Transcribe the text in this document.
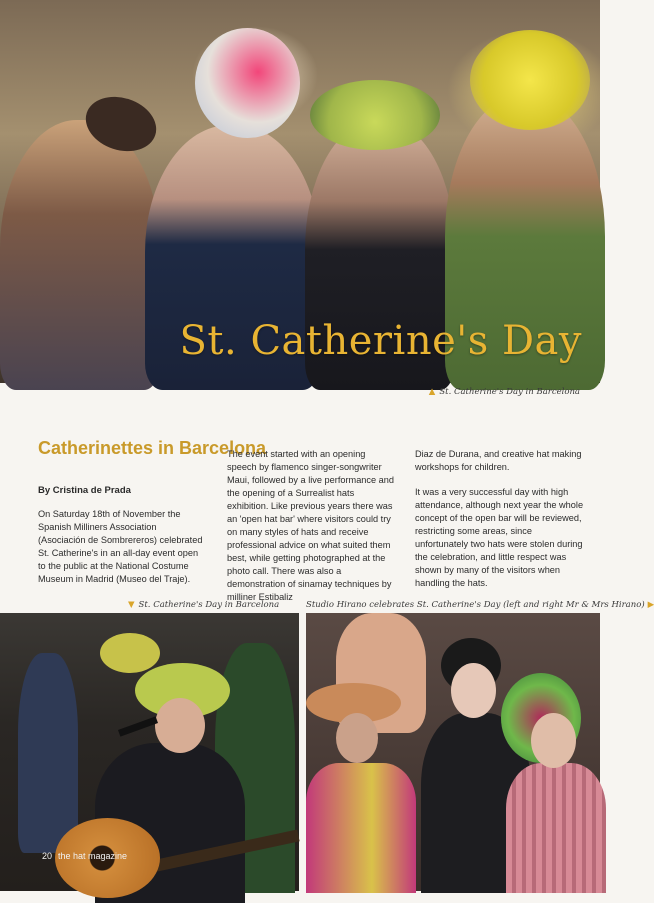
St. Catherine's Day
▲ St. Catherine's Day in Barcelona
Catherinettes in Barcelona
By Cristina de Prada

On Saturday 18th of November the Spanish Milliners Association (Asociación de Sombrereros) celebrated St. Catherine's in an all-day event open to the public at the National Costume Museum in Madrid (Museo del Traje).

The event started with an opening speech by flamenco singer-songwriter Maui, followed by a live performance and the opening of a Surrealist hats exhibition. Like previous years there was an 'open hat bar' where visitors could try on many styles of hats and receive professional advice on what suited them best, while getting photographed at the photo call. There was also a demonstration of sinamay techniques by milliner Estibaliz

Diaz de Durana, and creative hat making workshops for children.

It was a very successful day with high attendance, although next year the whole concept of the open bar will be reviewed, restricting some areas, since unfortunately two hats were stolen during the celebration, and little respect was shown by many of the visitors when handling the hats.

▼ St. Catherine's Day in Barcelona	Studio Hirano celebrates St. Catherine's Day (left and right Mr & Mrs Hirano) ▶
20 the hat magazine
